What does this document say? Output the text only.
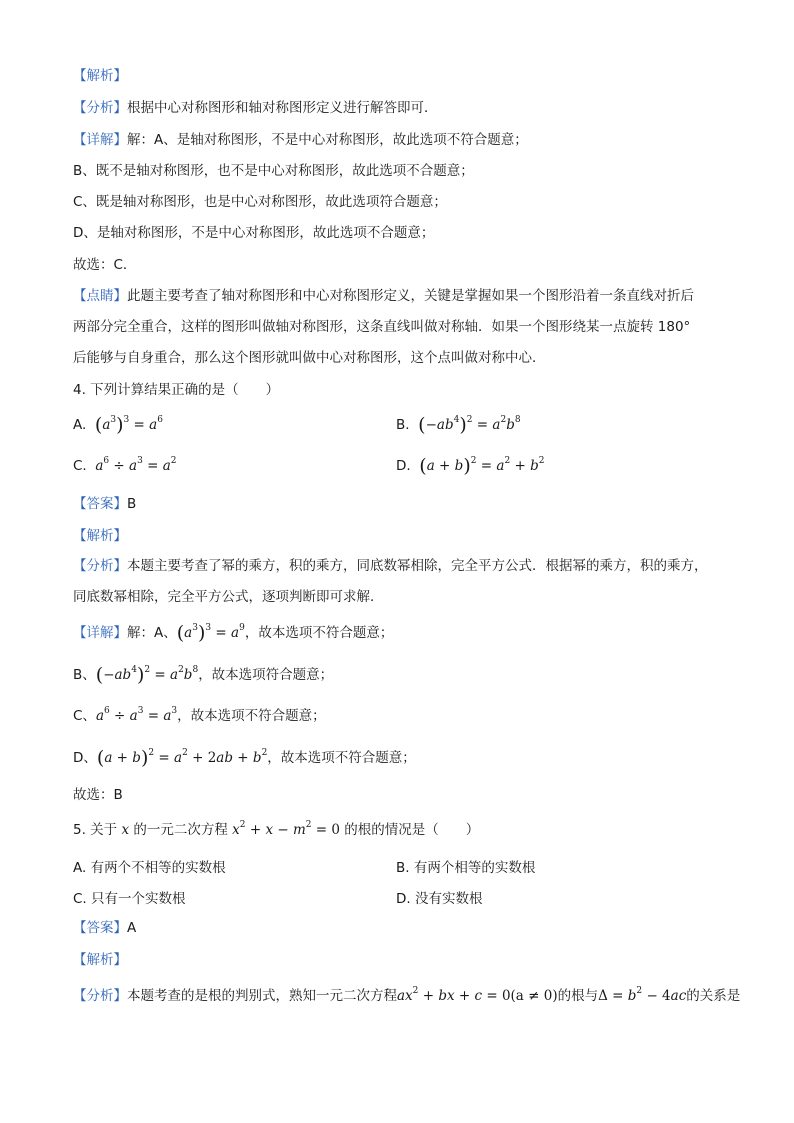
【解析】
【分析】根据中心对称图形和轴对称图形定义进行解答即可．
【详解】解：A、是轴对称图形，不是中心对称图形，故此选项不符合题意；
B、既不是轴对称图形，也不是中心对称图形，故此选项不合题意；
C、既是轴对称图形，也是中心对称图形，故此选项符合题意；
D、是轴对称图形，不是中心对称图形，故此选项不合题意；
故选：C．
【点睛】此题主要考查了轴对称图形和中心对称图形定义，关键是掌握如果一个图形沿着一条直线对折后
两部分完全重合，这样的图形叫做轴对称图形，这条直线叫做对称轴．如果一个图形绕某一点旋转 180°
后能够与自身重合，那么这个图形就叫做中心对称图形，这个点叫做对称中心．
4. 下列计算结果正确的是（　　）
A. $(a^3)^3 = a^6$	B. $(-ab^4)^2 = a^2b^8$
C. $a^6 \div a^3 = a^2$	D. $(a + b)^2 = a^2 + b^2$
【答案】B
【解析】
【分析】本题主要考查了幂的乘方，积的乘方，同底数幂相除，完全平方公式．根据幂的乘方，积的乘方，
同底数幂相除，完全平方公式，逐项判断即可求解．
【详解】解：A、$(a^3)^3 = a^9$，故本选项不符合题意；
B、$(-ab^4)^2 = a^2b^8$，故本选项符合题意；
C、$a^6 \div a^3 = a^3$，故本选项不符合题意；
D、$(a + b)^2 = a^2 + 2ab + b^2$，故本选项不符合题意；
故选：B
5. 关于 x 的一元二次方程 $x^2 + x - m^2 = 0$ 的根的情况是（　　）
A. 有两个不相等的实数根	B. 有两个相等的实数根
C. 只有一个实数根	D. 没有实数根
【答案】A
【解析】
【分析】本题考查的是根的判别式，熟知一元二次方程$ax^2$ + bx + c = 0(a ≠ 0)的根与$\Delta = b^2 - 4ac$的关系是
